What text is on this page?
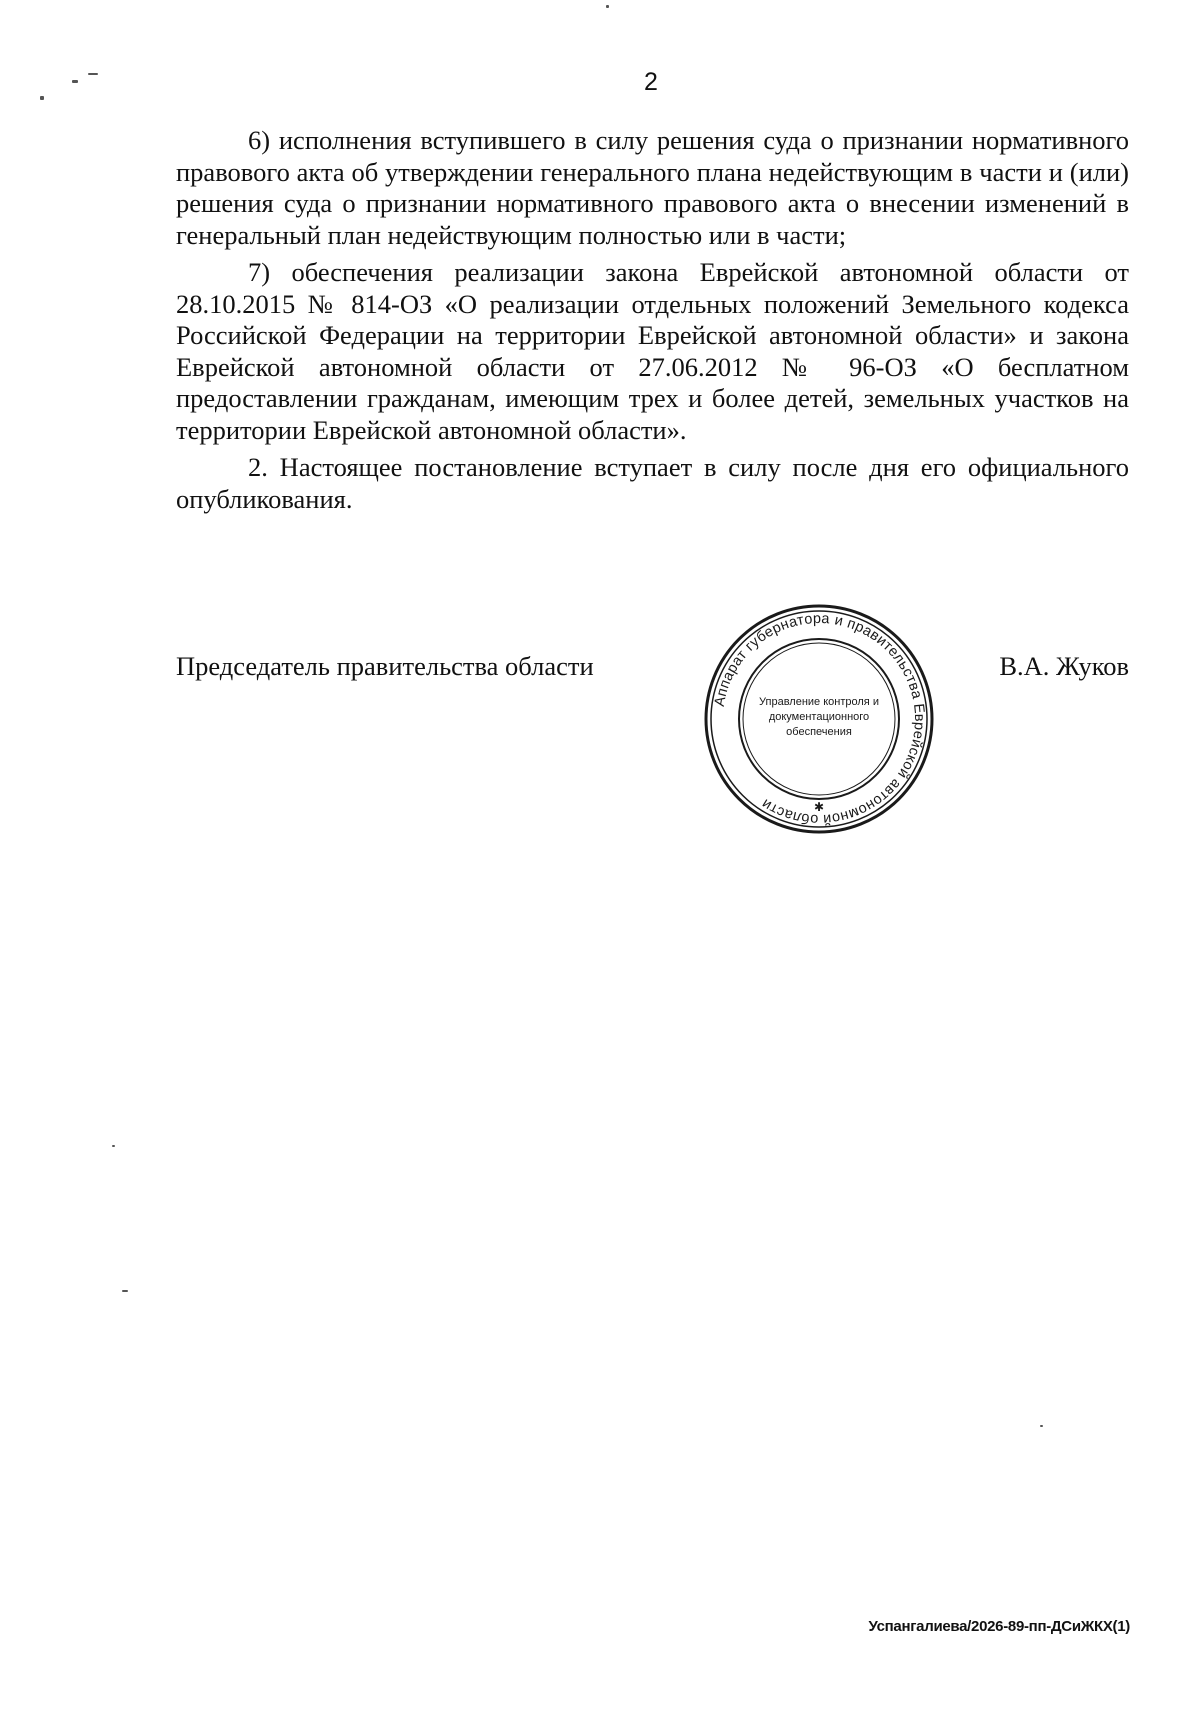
2

6) исполнения вступившего в силу решения суда о признании нормативного правового акта об утверждении генерального плана недействующим в части и (или) решения суда о признании нормативного правового акта о внесении изменений в генеральный план недействующим полностью или в части;

7) обеспечения реализации закона Еврейской автономной области от 28.10.2015 № 814-ОЗ «О реализации отдельных положений Земельного кодекса Российской Федерации на территории Еврейской автономной области» и закона Еврейской автономной области от 27.06.2012 № 96-ОЗ «О бесплатном предоставлении гражданам, имеющим трех и более детей, земельных участков на территории Еврейской автономной области».

2. Настоящее постановление вступает в силу после дня его официального опубликования.

Председатель правительства области	В.А. Жуков
Аппарат губернатора и правительства Еврейской автономной области	✱
Управление контроля и
документационного
обеспечения
Успангалиева/2026-89-пп-ДСиЖКХ(1)
